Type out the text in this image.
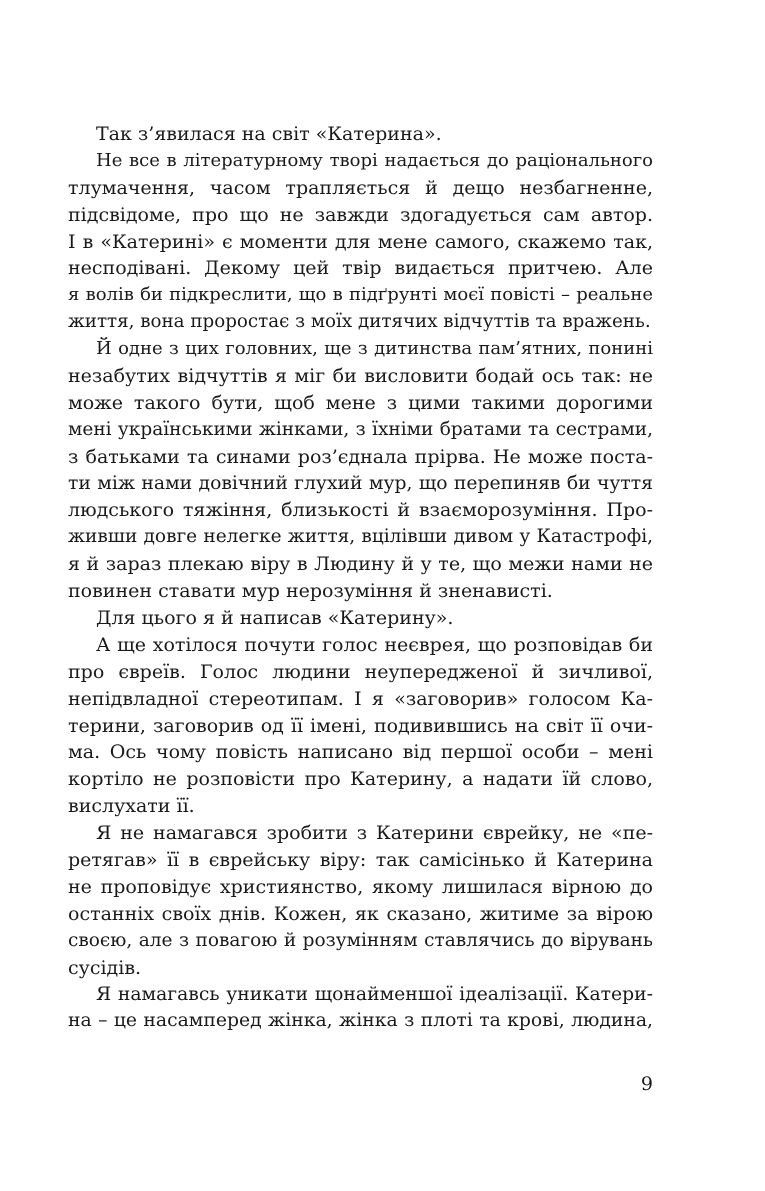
Так з’явилася на світ «Катерина».
Не все в літературному творі надається до раціонального
тлумачення, часом трапляється й дещо незбагненне,
підсвідоме, про що не завжди здогадується сам автор.
І в «Катерині» є моменти для мене самого, скажемо так,
несподівані. Декому цей твір видається притчею. Але
я волів би підкреслити, що в підґрунті моєї повісті – реальне
життя, вона проростає з моїх дитячих відчуттів та вражень.
Й одне з цих головних, ще з дитинства пам’ятних, понині
незабутих відчуттів я міг би висловити бодай ось так: не
може такого бути, щоб мене з цими такими дорогими
мені українськими жінками, з їхніми братами та сестрами,
з батьками та синами роз’єднала прірва. Не може поста-
ти між нами довічний глухий мур, що перепиняв би чуття
людського тяжіння, близькості й взаєморозуміння. Про-
живши довге нелегке життя, вцілівши дивом у Катастрофі,
я й зараз плекаю віру в Людину й у те, що межи нами не
повинен ставати мур нерозуміння й зненависті.
Для цього я й написав «Катерину».
А ще хотілося почути голос неєврея, що розповідав би
про євреїв. Голос людини неупередженої й зичливої,
непідвладної стереотипам. І я «заговорив» голосом Ка-
терини, заговорив од її імені, подивившись на світ її очи-
ма. Ось чому повість написано від першої особи – мені
кортіло не розповісти про Катерину, а надати їй слово,
вислухати її.
Я не намагався зробити з Катерини єврейку, не «пе-
ретягав» її в єврейську віру: так самісінько й Катерина
не проповідує християнство, якому лишилася вірною до
останніх своїх днів. Кожен, як сказано, житиме за вірою
своєю, але з повагою й розумінням ставлячись до вірувань
сусідів.
Я намагавсь уникати щонайменшої ідеалізації. Катери-
на – це насамперед жінка, жінка з плоті та крові, людина,
9
